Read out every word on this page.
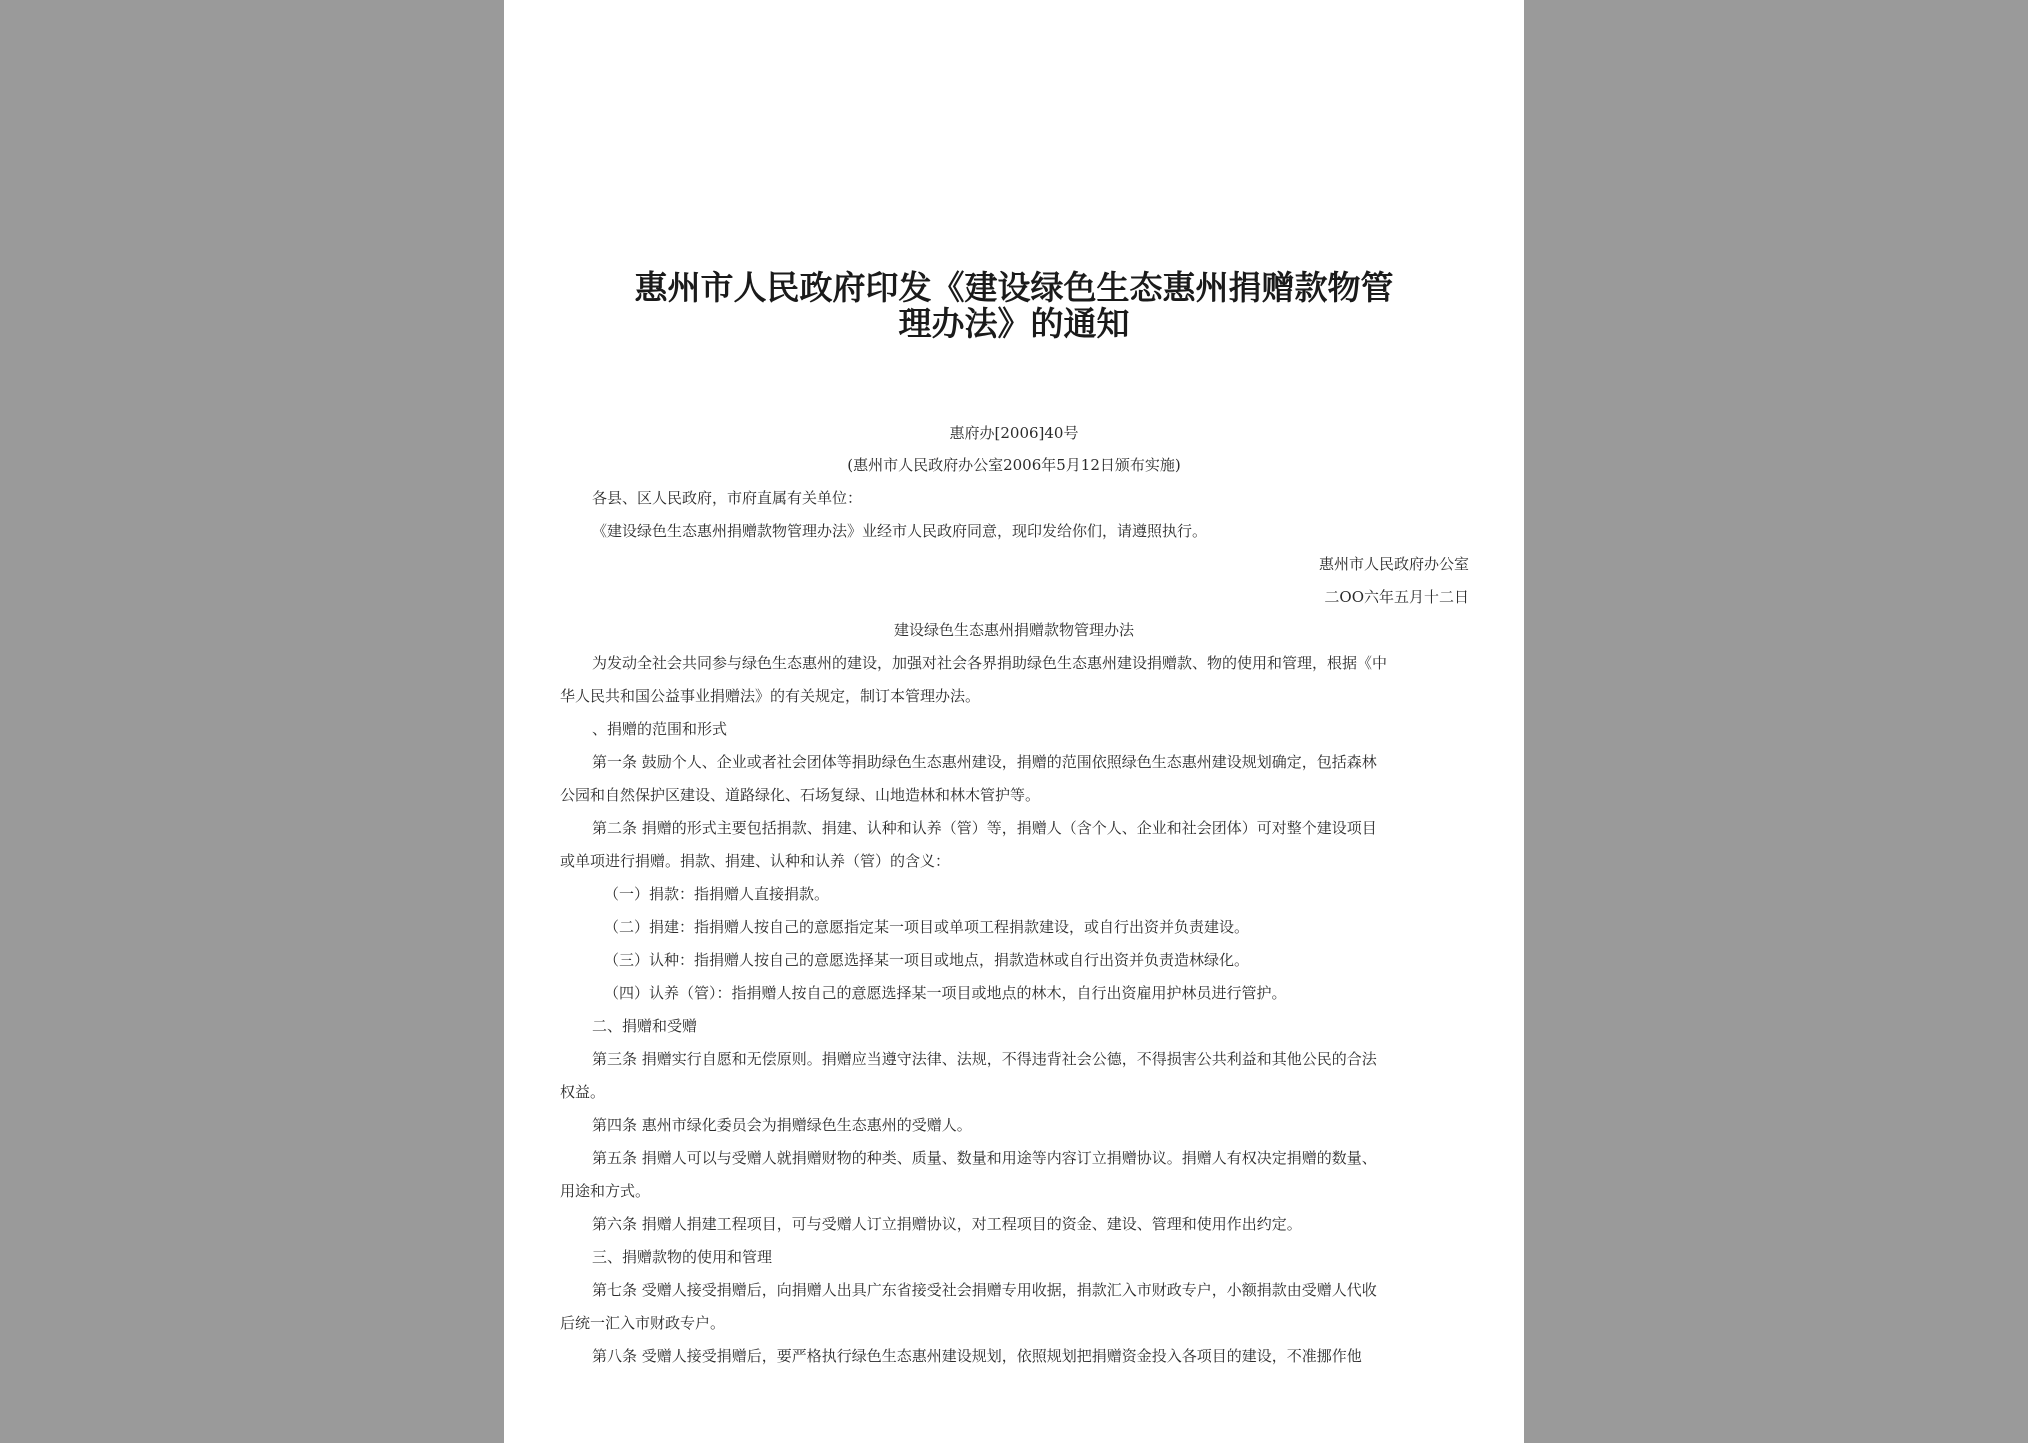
惠州市人民政府印发《建设绿色生态惠州捐赠款物管
理办法》的通知
惠府办[2006]40号
(惠州市人民政府办公室2006年5月12日颁布实施)
各县、区人民政府，市府直属有关单位：
《建设绿色生态惠州捐赠款物管理办法》业经市人民政府同意，现印发给你们，请遵照执行。
惠州市人民政府办公室
二OO六年五月十二日
建设绿色生态惠州捐赠款物管理办法
为发动全社会共同参与绿色生态惠州的建设，加强对社会各界捐助绿色生态惠州建设捐赠款、物的使用和管理，根据《中
华人民共和国公益事业捐赠法》的有关规定，制订本管理办法。
、捐赠的范围和形式
第一条 鼓励个人、企业或者社会团体等捐助绿色生态惠州建设，捐赠的范围依照绿色生态惠州建设规划确定，包括森林
公园和自然保护区建设、道路绿化、石场复绿、山地造林和林木管护等。
第二条 捐赠的形式主要包括捐款、捐建、认种和认养（管）等，捐赠人（含个人、企业和社会团体）可对整个建设项目
或单项进行捐赠。捐款、捐建、认种和认养（管）的含义：
（一）捐款：指捐赠人直接捐款。
（二）捐建：指捐赠人按自己的意愿指定某一项目或单项工程捐款建设，或自行出资并负责建设。
（三）认种：指捐赠人按自己的意愿选择某一项目或地点，捐款造林或自行出资并负责造林绿化。
（四）认养（管）：指捐赠人按自己的意愿选择某一项目或地点的林木，自行出资雇用护林员进行管护。
二、捐赠和受赠
第三条 捐赠实行自愿和无偿原则。捐赠应当遵守法律、法规，不得违背社会公德，不得损害公共利益和其他公民的合法
权益。
第四条 惠州市绿化委员会为捐赠绿色生态惠州的受赠人。
第五条 捐赠人可以与受赠人就捐赠财物的种类、质量、数量和用途等内容订立捐赠协议。捐赠人有权决定捐赠的数量、
用途和方式。
第六条 捐赠人捐建工程项目，可与受赠人订立捐赠协议，对工程项目的资金、建设、管理和使用作出约定。
三、捐赠款物的使用和管理
第七条 受赠人接受捐赠后，向捐赠人出具广东省接受社会捐赠专用收据，捐款汇入市财政专户，小额捐款由受赠人代收
后统一汇入市财政专户。
第八条 受赠人接受捐赠后，要严格执行绿色生态惠州建设规划，依照规划把捐赠资金投入各项目的建设，不准挪作他
